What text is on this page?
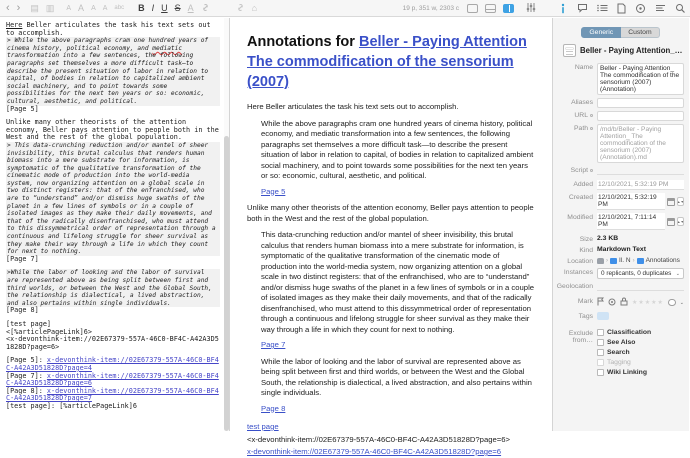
‹ › ▤ ▥ A A A A abc B I U S A	⌂	19 p, 351 w, 2303 c

Here Beller articulates the task his text sets out to accomplish.

> While the above paragraphs cram one hundred years of cinema history, political economy, and mediatic transformation into a few sentences, the following paragraphs set themselves a more difficult task—to describe the present situation of labor in relation to capital, of bodies in relation to capitalized ambient social machinery, and to point towards some possibilities for the next ten years or so: economic, cultural, aesthetic, and political.

[Page 5]

Unlike many other theorists of the attention economy, Beller pays attention to people both in the West and the rest of the global population.

> This data-crunching reduction and/or mantel of sheer invisibility, this brutal calculus that renders human biomass into a mere substrate for information, is symptomatic of the qualitative transformation of the cinematic mode of production into the world-media system, now organizing attention on a global scale in two distinct registers: that of the enfranchised, who are to “understand” and/or dismiss huge swaths of the planet in a few lines of symbols or in a couple of isolated images as they make their daily movements, and that of the radically disenfranchised, who must attend to this dissymmetrical order of representation through a continuous and lifelong struggle for sheer survival as they make their way through a life in which they count for next to nothing.

[Page 7]

>While the labor of looking and the labor of survival are represented above as being split between first and third worlds, or between the West and the Global South, the relationship is dialectical, a lived abstraction, and also pertains within single individuals.

[Page 8]

[test page]

<[%articlePageLink]6>

<x-devonthink-item://02E67379-557A-46C0-BF4C-A42A3D51828D?page=6>

[Page 5]: x-devonthink-item://02E67379-557A-46C0-BF4C-A42A3D51828D?page=4

[Page 7]: x-devonthink-item://02E67379-557A-46C0-BF4C-A42A3D51828D?page=6

[Page 8]: x-devonthink-item://02E67379-557A-46C0-BF4C-A42A3D51828D?page=7

[test page]: [%articlePageLink]6

Annotations for Beller - Paying Attention The commodification of the sensorium (2007)

Here Beller articulates the task his text sets out to accomplish.

While the above paragraphs cram one hundred years of cinema history, political economy, and mediatic transformation into a few sentences, the following paragraphs set themselves a more difficult task—to describe the present situation of labor in relation to capital, of bodies in relation to capitalized ambient social machinery, and to point towards some possibilities for the next ten years or so: economic, cultural, aesthetic, and political.

Page 5

Unlike many other theorists of the attention economy, Beller pays attention to people both in the West and the rest of the global population.

This data-crunching reduction and/or mantel of sheer invisibility, this brutal calculus that renders human biomass into a mere substrate for information, is symptomatic of the qualitative transformation of the cinematic mode of production into the world-media system, now organizing attention on a global scale in two distinct registers: that of the enfranchised, who are to “understand” and/or dismiss huge swaths of the planet in a few lines of symbols or in a couple of isolated images as they make their daily movements, and that of the radically disenfranchised, who must attend to this dissymmetrical order of representation through a continuous and lifelong struggle for sheer survival as they make their way through a life in which they count for next to nothing.

Page 7

While the labor of looking and the labor of survival are represented above as being split between first and third worlds, or between the West and the Global South, the relationship is dialectical, a lived abstraction, and also pertains within single individuals.

Page 8

test page

<x-devonthink-item://02E67379-557A-46C0-BF4C-A42A3D51828D?page=6>

x-devonthink-item://02E67379-557A-46C0-BF4C-A42A3D51828D?page=6

Generic	Custom
Beller - Paying Attention_…
Name	Beller - Paying Attention_ The commodification of the sensorium (2007) (Annotation)
Aliases
URL
Path	/md/b/Beller - Paying Attention_ The commodification of the sensorium (2007) (Annotation).md
Script
Added 12/10/2021, 5:32:19 PM
Created 12/10/2021, 5:32:19 PM	▲▼
Modified 12/10/2021, 7:11:14 PM	▲▼
Size 2.3 KB
Kind Markdown Text
Location › Il. N › Annotations
Instances 0 replicants, 0 duplicates ⌄
Geolocation
Mark	★★★★★	⌄
Tags
Exclude from…
Classification
See Also
Search
Tagging
Wiki Linking
